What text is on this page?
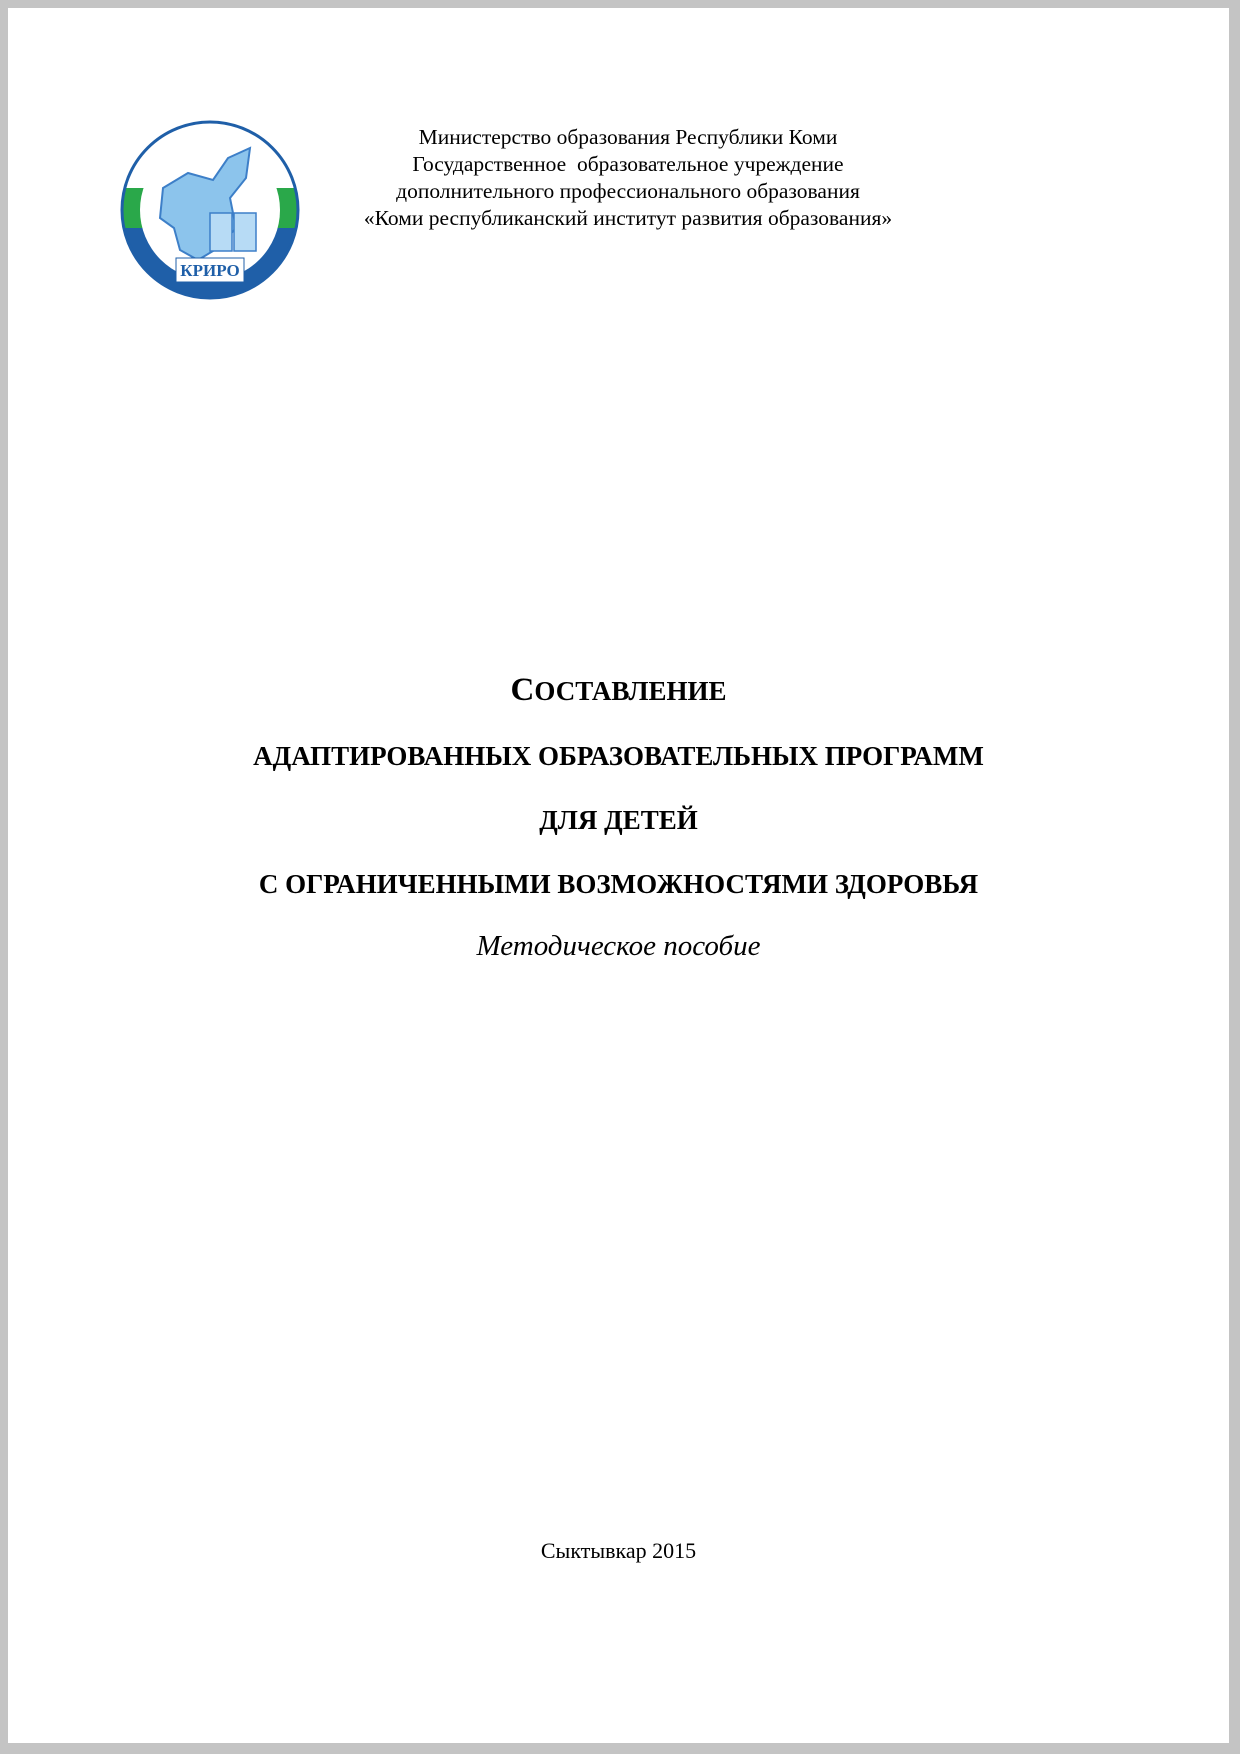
КРИРО
Министерство образования Республики Коми
Государственное  образовательное учреждение
дополнительного профессионального образования
«Коми республиканский институт развития образования»
СОСТАВЛЕНИЕ
АДАПТИРОВАННЫХ ОБРАЗОВАТЕЛЬНЫХ ПРОГРАММ
ДЛЯ ДЕТЕЙ
С ОГРАНИЧЕННЫМИ ВОЗМОЖНОСТЯМИ ЗДОРОВЬЯ
Методическое пособие
Сыктывкар 2015
